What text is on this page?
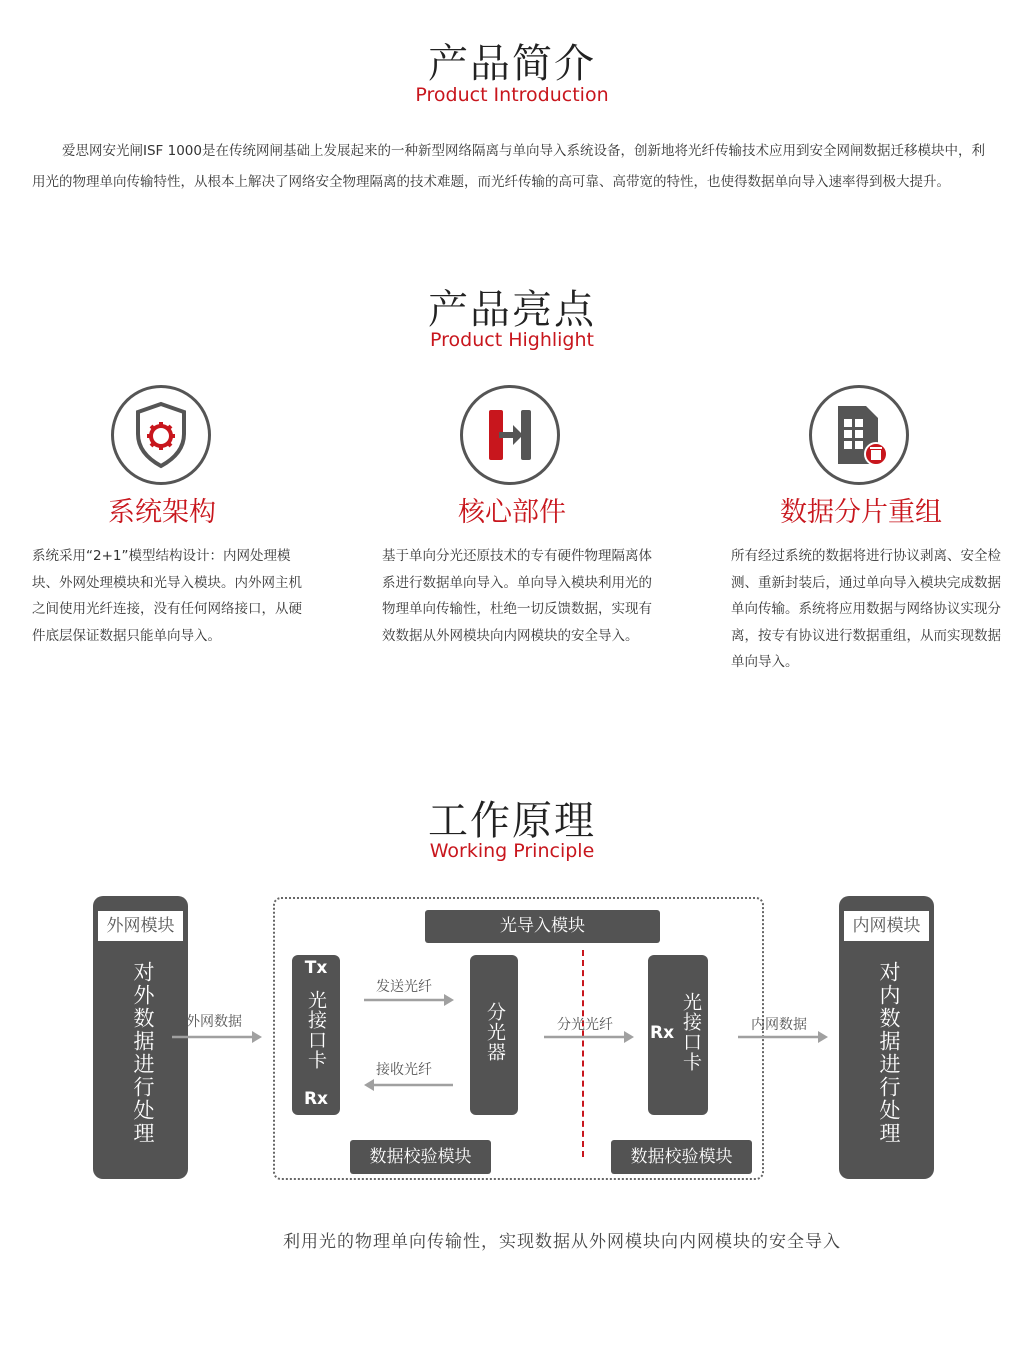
产品简介
Product Introduction
爱思网安光闸ISF 1000是在传统网闸基础上发展起来的一种新型网络隔离与单向导入系统设备，创新地将光纤传输技术应用到安全网闸数据迁移模块中，利用光的物理单向传输特性，从根本上解决了网络安全物理隔离的技术难题，而光纤传输的高可靠、高带宽的特性，也使得数据单向导入速率得到极大提升。
产品亮点
Product Highlight
系统架构
系统采用“2+1”模型结构设计：内网处理模块、外网处理模块和光导入模块。内外网主机之间使用光纤连接，没有任何网络接口，从硬件底层保证数据只能单向导入。
核心部件
基于单向分光还原技术的专有硬件物理隔离体系进行数据单向导入。单向导入模块利用光的物理单向传输性，杜绝一切反馈数据，实现有效数据从外网模块向内网模块的安全导入。
数据分片重组
所有经过系统的数据将进行协议剥离、安全检测、重新封装后，通过单向导入模块完成数据单向传输。系统将应用数据与网络协议实现分离，按专有协议进行数据重组，从而实现数据单向导入。
工作原理
Working Principle
外网模块
对外数据进行处理
内网模块
对内数据进行处理
光导入模块
Tx
光接口卡
Rx
分光器	Rx 光接口卡
数据校验模块	数据校验模块
外网数据
发送光纤
接收光纤
分光光纤	内网数据
利用光的物理单向传输性，实现数据从外网模块向内网模块的安全导入
